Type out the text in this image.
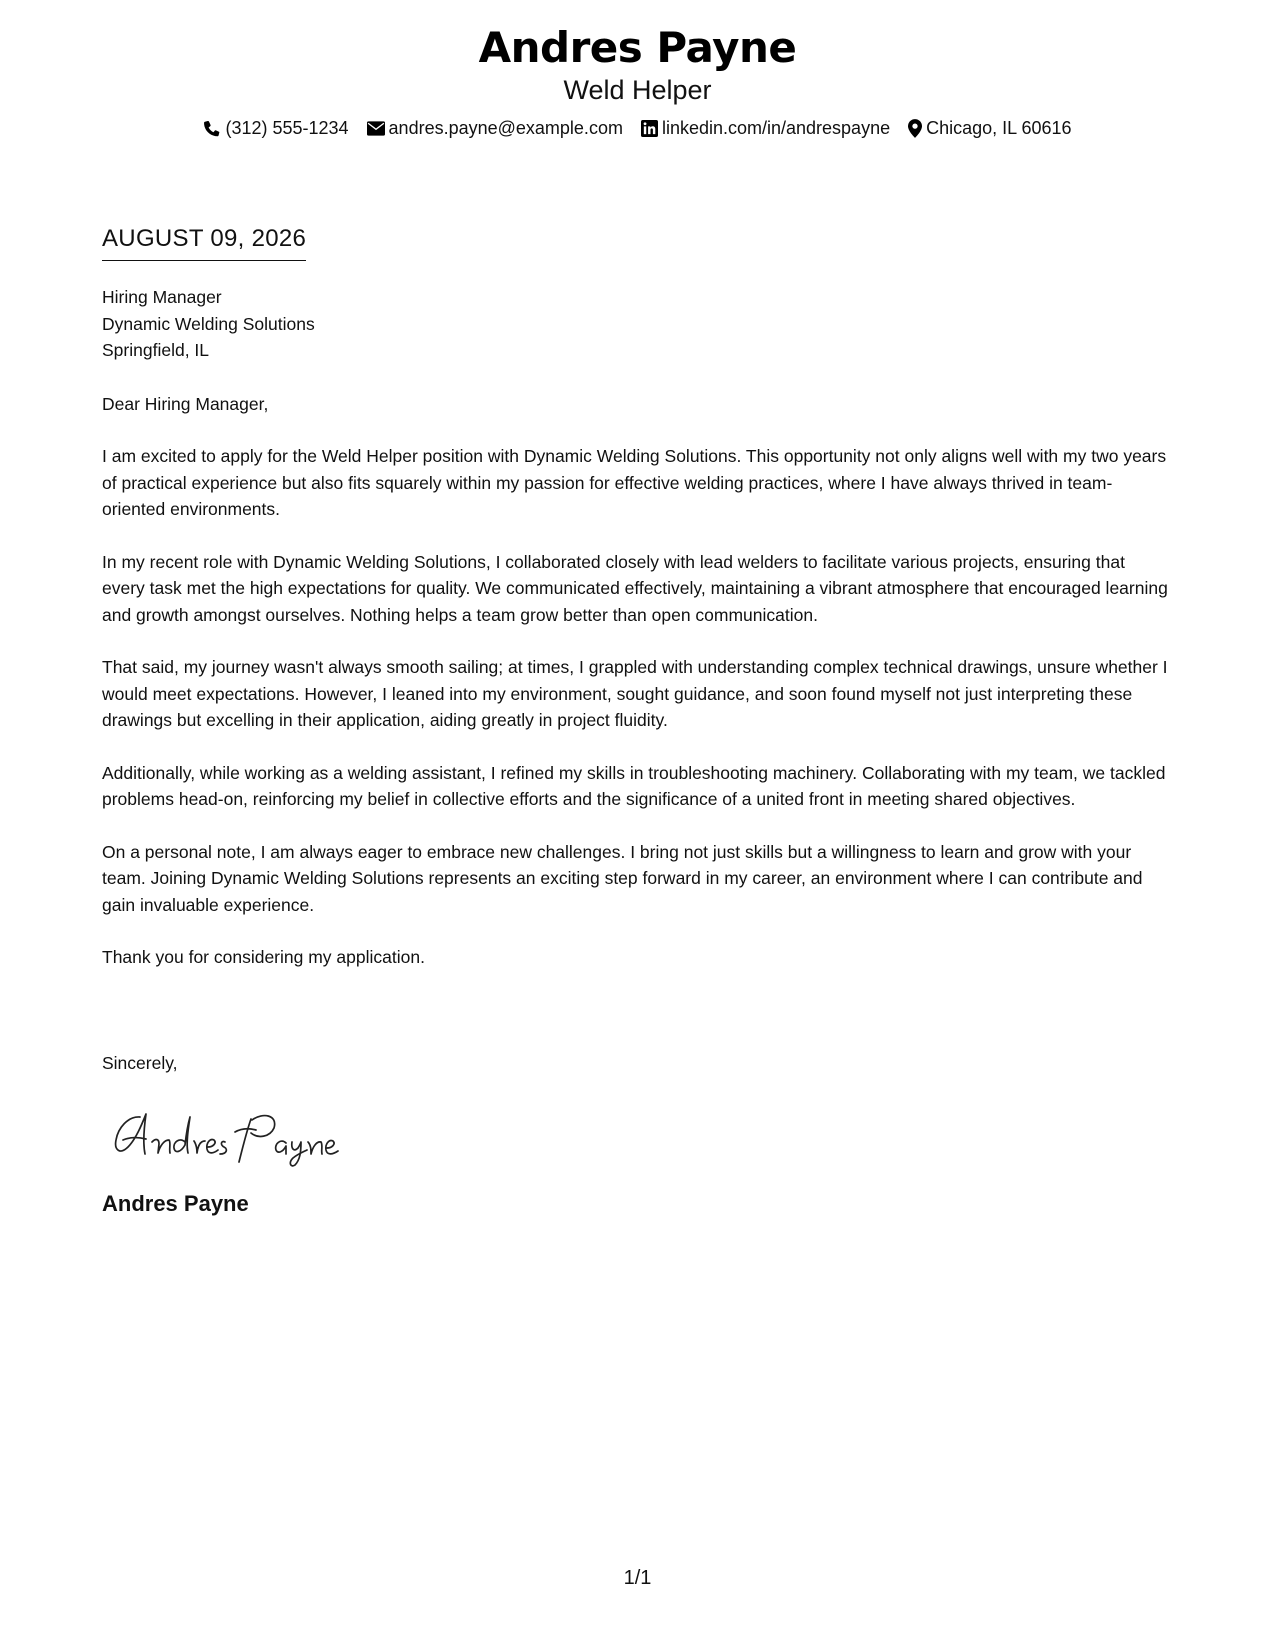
Andres Payne
Weld Helper
(312) 555-1234 andres.payne@example.com linkedin.com/in/andrespayne Chicago, IL 60616
AUGUST 09, 2026
Hiring Manager
Dynamic Welding Solutions
Springfield, IL
Dear Hiring Manager,
I am excited to apply for the Weld Helper position with Dynamic Welding Solutions. This opportunity not only aligns well with my two years of practical experience but also fits squarely within my passion for effective welding practices, where I have always thrived in team-oriented environments.
In my recent role with Dynamic Welding Solutions, I collaborated closely with lead welders to facilitate various projects, ensuring that every task met the high expectations for quality. We communicated effectively, maintaining a vibrant atmosphere that encouraged learning and growth amongst ourselves. Nothing helps a team grow better than open communication.
That said, my journey wasn't always smooth sailing; at times, I grappled with understanding complex technical drawings, unsure whether I would meet expectations. However, I leaned into my environment, sought guidance, and soon found myself not just interpreting these drawings but excelling in their application, aiding greatly in project fluidity.
Additionally, while working as a welding assistant, I refined my skills in troubleshooting machinery. Collaborating with my team, we tackled problems head-on, reinforcing my belief in collective efforts and the significance of a united front in meeting shared objectives.
On a personal note, I am always eager to embrace new challenges. I bring not just skills but a willingness to learn and grow with your team. Joining Dynamic Welding Solutions represents an exciting step forward in my career, an environment where I can contribute and gain invaluable experience.
Thank you for considering my application.
Sincerely,
Andres Payne
1/1
